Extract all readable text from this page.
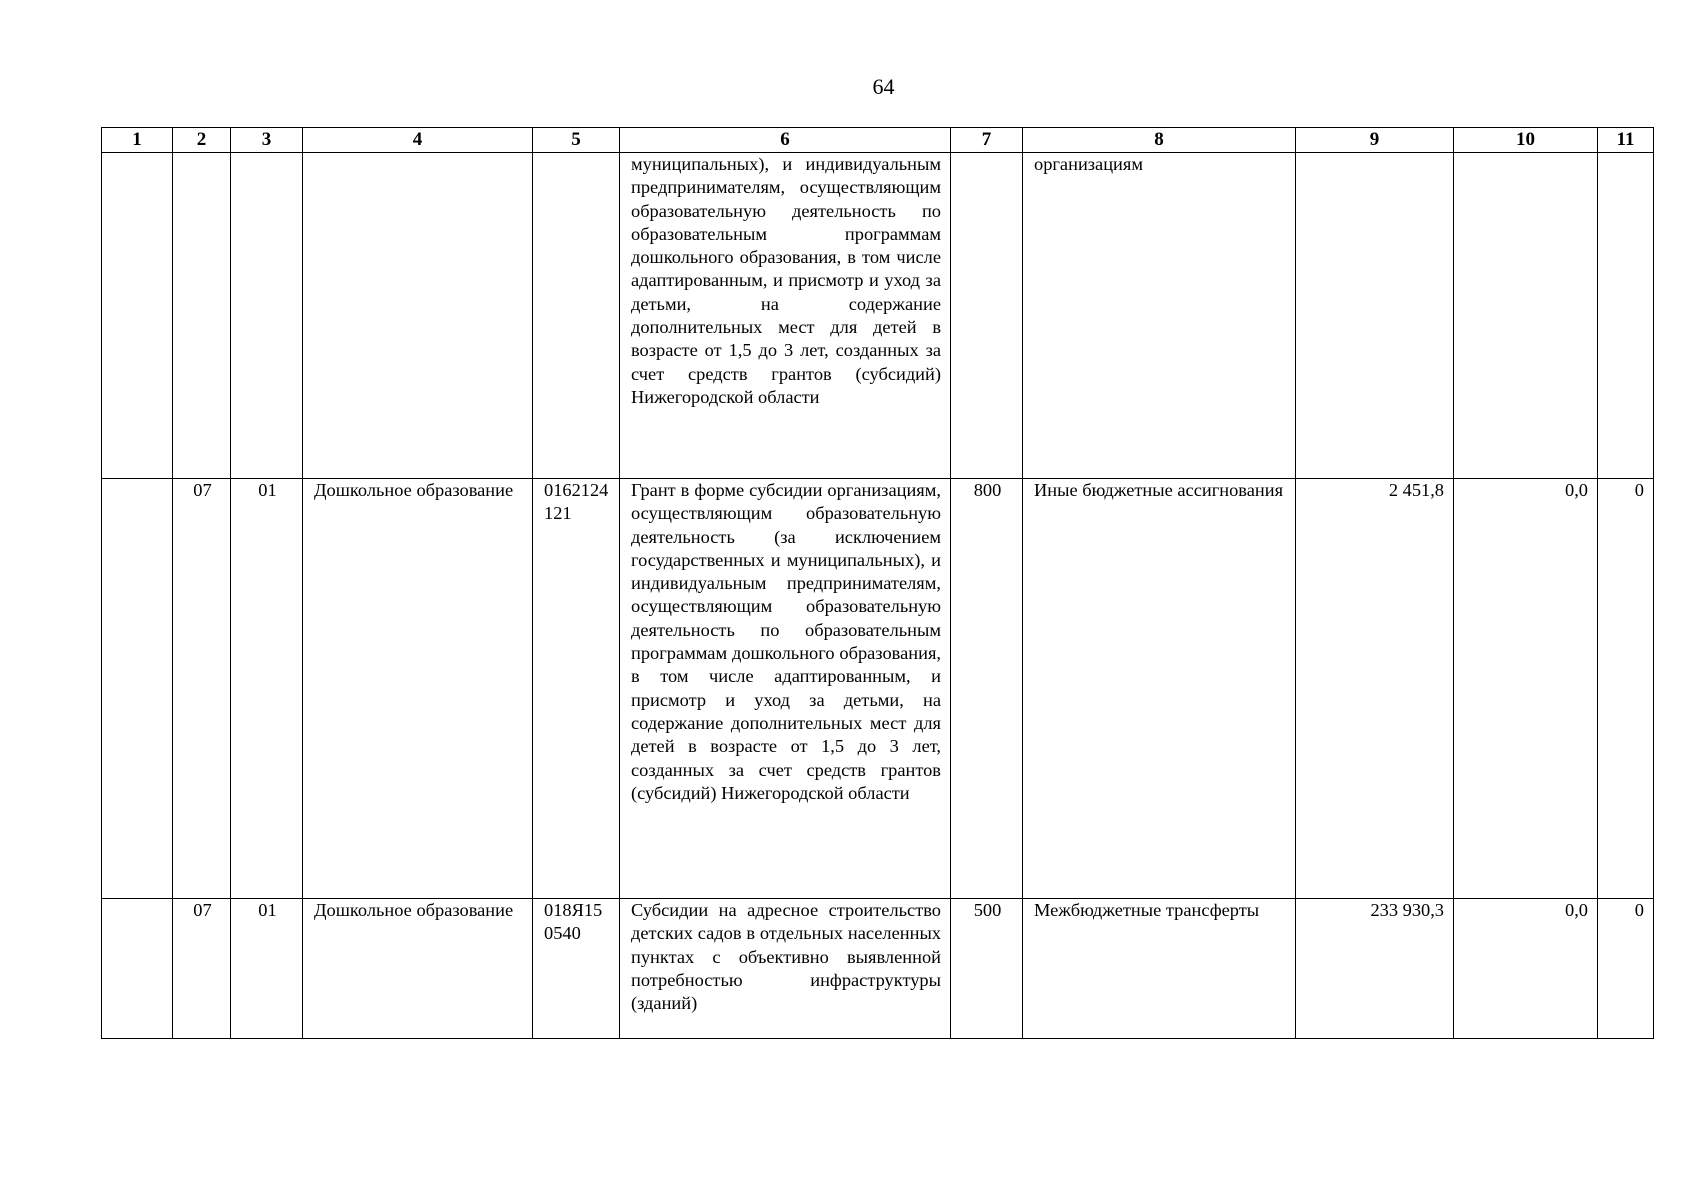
64
1	2	3	4	5	6	7	8	9	10	11
					муниципальных), и индивидуальным предпринимателям, осуществляющим образовательную деятельность по образовательным программам дошкольного образования, в том числе адаптированным, и присмотр и уход за детьми, на содержание дополнительных мест для детей в возрасте от 1,5 до 3 лет, созданных за счет средств грантов (субсидий) Нижегородской области		организациям			
	07	01	Дошкольное образование	0162124121	Грант в форме субсидии организациям, осуществляющим образовательную деятельность (за исключением государственных и муниципальных), и индивидуальным предпринимателям, осуществляющим образовательную деятельность по образовательным программам дошкольного образования, в том числе адаптированным, и присмотр и уход за детьми, на содержание дополнительных мест для детей в возрасте от 1,5 до 3 лет, созданных за счет средств грантов (субсидий) Нижегородской области	800	Иные бюджетные ассигнования	2 451,8	0,0	0
	07	01	Дошкольное образование	018Я150540	Субсидии на адресное строительство детских садов в отдельных населенных пунктах с объективно выявленной потребностью инфраструктуры (зданий)	500	Межбюджетные трансферты	233 930,3	0,0	0
